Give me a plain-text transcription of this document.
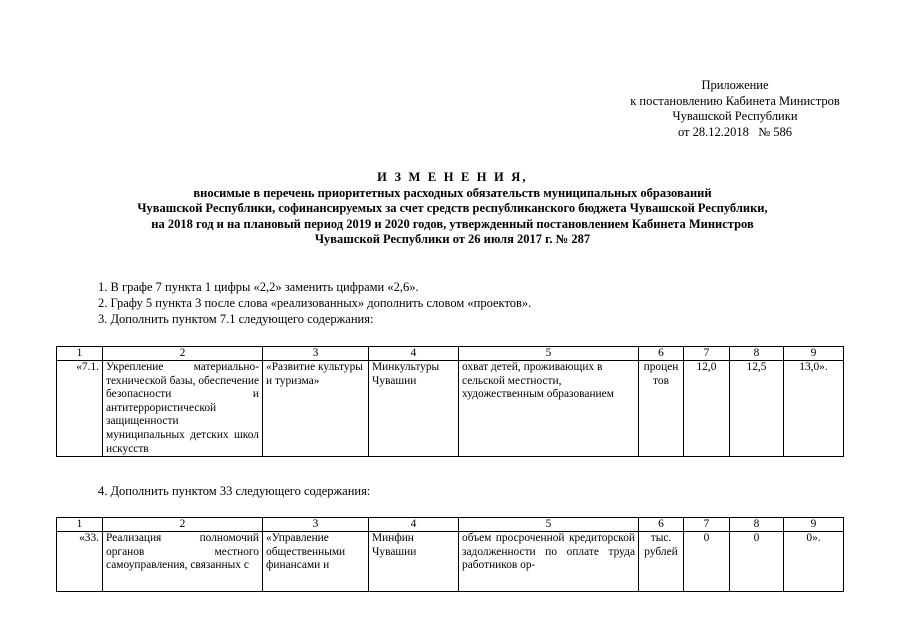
Приложение
к постановлению Кабинета Министров
Чувашской Республики
от 28.12.2018   № 586
И З М Е Н Е Н И Я,
вносимые в перечень приоритетных расходных обязательств муниципальных образований
Чувашской Республики, софинансируемых за счет средств республиканского бюджета Чувашской Республики,
на 2018 год и на плановый период 2019 и 2020 годов, утвержденный постановлением Кабинета Министров
Чувашской Республики от 26 июля 2017 г. № 287
1. В графе 7 пункта 1 цифры «2,2» заменить цифрами «2,6».
2. Графу 5 пункта 3 после слова «реализованных» дополнить словом «проектов».
3. Дополнить пунктом 7.1 следующего содержания:
1	2	3	4	5	6	7	8	9
«7.1.	Укрепление материально-технической базы, обеспечение безопасности и антитеррористической защищенности муниципальных детских школ искусств	«Развитие культуры и туризма»	Минкультуры Чувашии	охват детей, проживающих в сельской местности, художественным образованием	процентов	12,0	12,5	13,0».
4. Дополнить пунктом 33 следующего содержания:
1	2	3	4	5	6	7	8	9
«33.	Реализация полномочий органов местного самоуправления, связанных с	«Управление общественными финансами и	Минфин Чувашии	объем просроченной кредиторской задолженности по оплате труда работников ор-	тыс. рублей	0	0	0».
